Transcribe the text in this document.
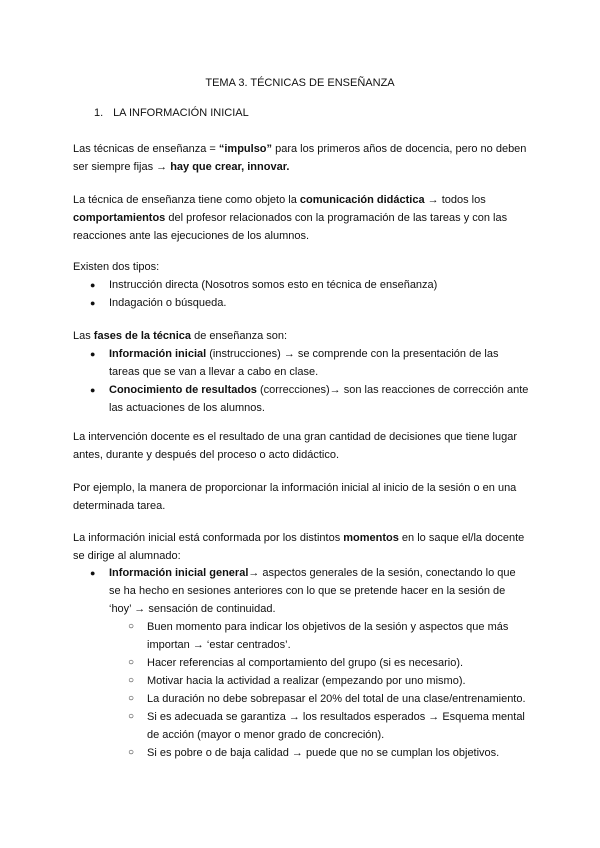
TEMA 3. TÉCNICAS DE ENSEÑANZA
1. LA INFORMACIÓN INICIAL

Las técnicas de enseñanza = “impulso” para los primeros años de docencia, pero no deben ser siempre fijas → hay que crear, innovar.

La técnica de enseñanza tiene como objeto la comunicación didáctica → todos los comportamientos del profesor relacionados con la programación de las tareas y con las reacciones ante las ejecuciones de los alumnos.

Existen dos tipos:

● Instrucción directa (Nosotros somos esto en técnica de enseñanza)
● Indagación o búsqueda.

Las fases de la técnica de enseñanza son:

● Información inicial (instrucciones) → se comprende con la presentación de las tareas que se van a llevar a cabo en clase.
● Conocimiento de resultados (correcciones)→ son las reacciones de corrección ante las actuaciones de los alumnos.

La intervención docente es el resultado de una gran cantidad de decisiones que tiene lugar antes, durante y después del proceso o acto didáctico.

Por ejemplo, la manera de proporcionar la información inicial al inicio de la sesión o en una determinada tarea.

La información inicial está conformada por los distintos momentos en lo saque el/la docente se dirige al alumnado:

● Información inicial general→ aspectos generales de la sesión, conectando lo que se ha hecho en sesiones anteriores con lo que se pretende hacer en la sesión de ‘hoy’ → sensación de continuidad.
○ Buen momento para indicar los objetivos de la sesión y aspectos que más importan → ‘estar centrados’.
○ Hacer referencias al comportamiento del grupo (si es necesario).
○ Motivar hacia la actividad a realizar (empezando por uno mismo).
○ La duración no debe sobrepasar el 20% del total de una clase/entrenamiento.
○ Si es adecuada se garantiza → los resultados esperados → Esquema mental de acción (mayor o menor grado de concreción).
○ Si es pobre o de baja calidad → puede que no se cumplan los objetivos.
